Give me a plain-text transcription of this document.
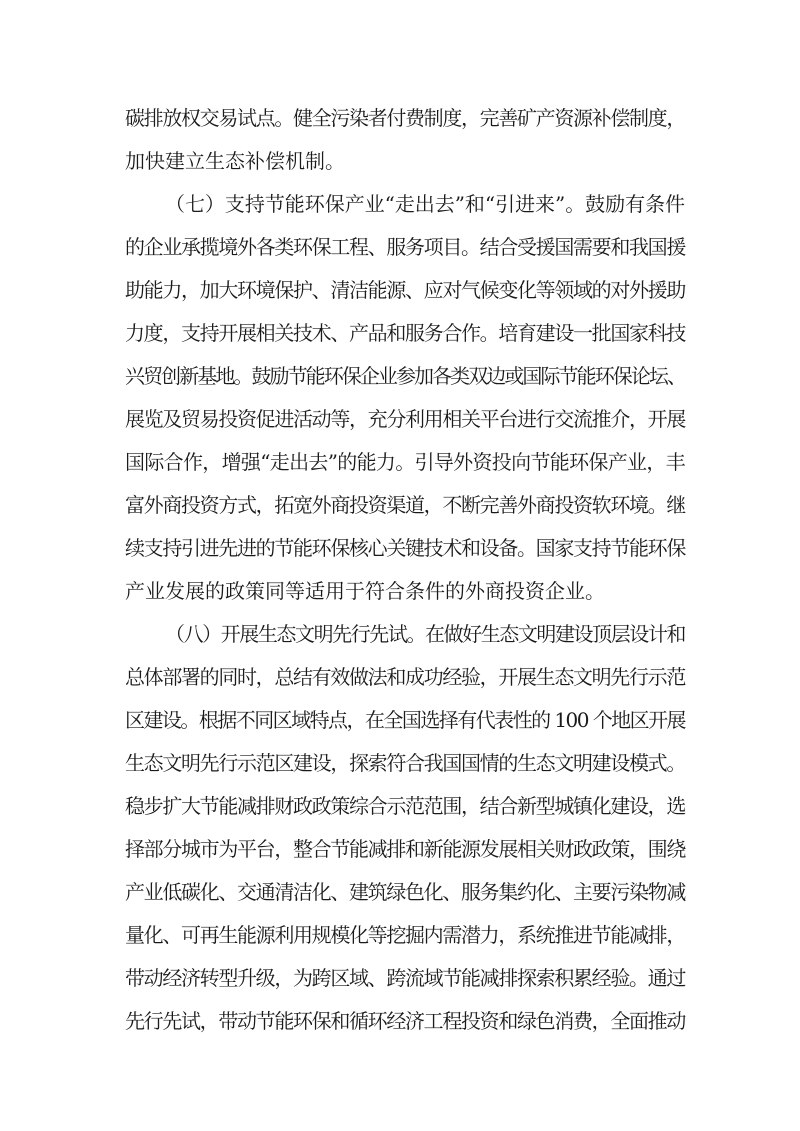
碳排放权交易试点。健全污染者付费制度，完善矿产资源补偿制度，
加快建立生态补偿机制。
（七）支持节能环保产业“走出去”和“引进来”。鼓励有条件
的企业承揽境外各类环保工程、服务项目。结合受援国需要和我国援
助能力，加大环境保护、清洁能源、应对气候变化等领域的对外援助
力度，支持开展相关技术、产品和服务合作。培育建设一批国家科技
兴贸创新基地。鼓励节能环保企业参加各类双边或国际节能环保论坛、
展览及贸易投资促进活动等，充分利用相关平台进行交流推介，开展
国际合作，增强“走出去”的能力。引导外资投向节能环保产业，丰
富外商投资方式，拓宽外商投资渠道，不断完善外商投资软环境。继
续支持引进先进的节能环保核心关键技术和设备。国家支持节能环保
产业发展的政策同等适用于符合条件的外商投资企业。
（八）开展生态文明先行先试。在做好生态文明建设顶层设计和
总体部署的同时，总结有效做法和成功经验，开展生态文明先行示范
区建设。根据不同区域特点，在全国选择有代表性的 100 个地区开展
生态文明先行示范区建设，探索符合我国国情的生态文明建设模式。
稳步扩大节能减排财政政策综合示范范围，结合新型城镇化建设，选
择部分城市为平台，整合节能减排和新能源发展相关财政政策，围绕
产业低碳化、交通清洁化、建筑绿色化、服务集约化、主要污染物减
量化、可再生能源利用规模化等挖掘内需潜力，系统推进节能减排，
带动经济转型升级，为跨区域、跨流域节能减排探索积累经验。通过
先行先试，带动节能环保和循环经济工程投资和绿色消费，全面推动
